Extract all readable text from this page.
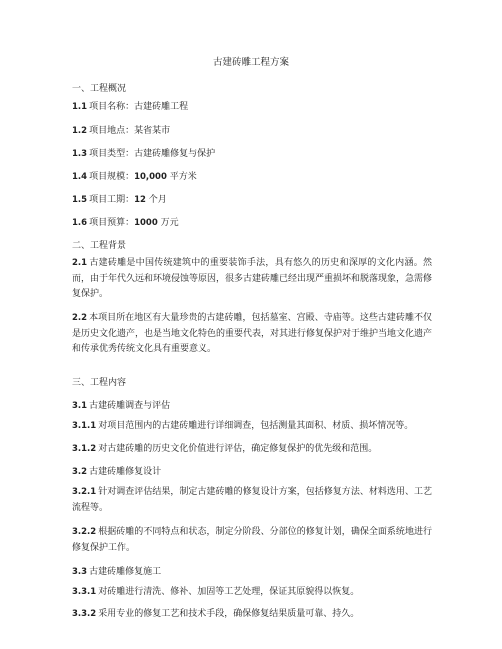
古建砖雕工程方案
一、工程概况
1.1 项目名称：古建砖雕工程
1.2 项目地点：某省某市
1.3 项目类型：古建砖雕修复与保护
1.4 项目规模：10,000 平方米
1.5 项目工期：12 个月
1.6 项目预算：1000 万元
二、工程背景
2.1 古建砖雕是中国传统建筑中的重要装饰手法，具有悠久的历史和深厚的文化内涵。然而，由于年代久远和环境侵蚀等原因，很多古建砖雕已经出现严重损坏和脱落现象，急需修复保护。
2.2 本项目所在地区有大量珍贵的古建砖雕，包括墓室、宫殿、寺庙等。这些古建砖雕不仅是历史文化遗产，也是当地文化特色的重要代表，对其进行修复保护对于维护当地文化遗产和传承优秀传统文化具有重要意义。
三、工程内容
3.1 古建砖雕调查与评估
3.1.1 对项目范围内的古建砖雕进行详细调查，包括测量其面积、材质、损坏情况等。
3.1.2 对古建砖雕的历史文化价值进行评估，确定修复保护的优先级和范围。
3.2 古建砖雕修复设计
3.2.1 针对调查评估结果，制定古建砖雕的修复设计方案，包括修复方法、材料选用、工艺流程等。
3.2.2 根据砖雕的不同特点和状态，制定分阶段、分部位的修复计划，确保全面系统地进行修复保护工作。
3.3 古建砖雕修复施工
3.3.1 对砖雕进行清洗、修补、加固等工艺处理，保证其原貌得以恢复。
3.3.2 采用专业的修复工艺和技术手段，确保修复结果质量可靠、持久。
